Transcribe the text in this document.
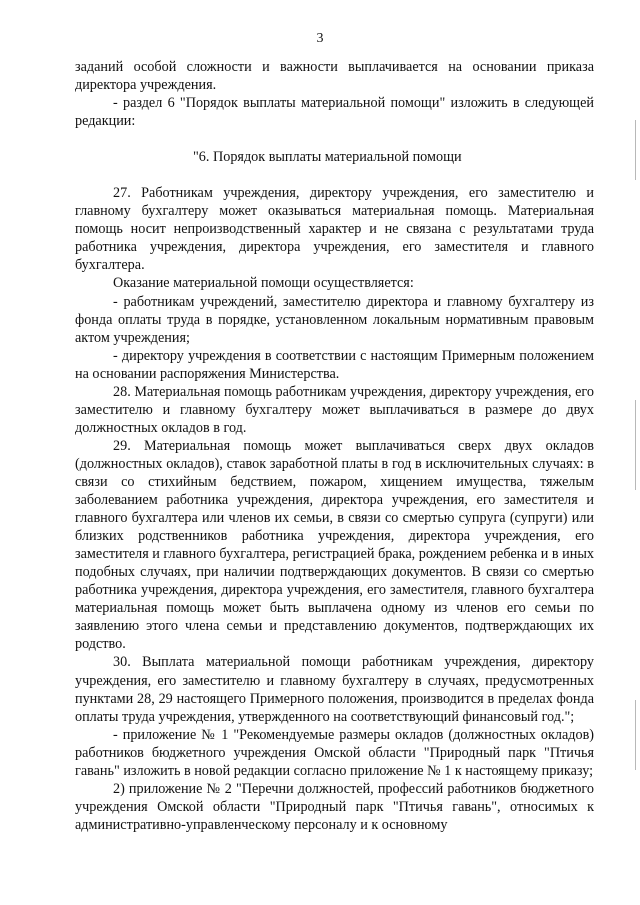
3

заданий особой сложности и важности выплачивается на основании приказа директора учреждения.

- раздел 6 "Порядок выплаты материальной помощи" изложить в следующей редакции:

"6. Порядок выплаты материальной помощи

27. Работникам учреждения, директору учреждения, его заместителю и главному бухгалтеру может оказываться материальная помощь. Материальная помощь носит непроизводственный характер и не связана с результатами труда работника учреждения, директора учреждения, его заместителя и главного бухгалтера.

Оказание материальной помощи осуществляется:

- работникам учреждений, заместителю директора и главному бухгалтеру из фонда оплаты труда в порядке, установленном локальным нормативным правовым актом учреждения;

- директору учреждения в соответствии с настоящим Примерным положением на основании распоряжения Министерства.

28. Материальная помощь работникам учреждения, директору учреждения, его заместителю и главному бухгалтеру может выплачиваться в размере до двух должностных окладов в год.

29. Материальная помощь может выплачиваться сверх двух окладов (должностных окладов), ставок заработной платы в год в исключительных случаях: в связи со стихийным бедствием, пожаром, хищением имущества, тяжелым заболеванием работника учреждения, директора учреждения, его заместителя и главного бухгалтера или членов их семьи, в связи со смертью супруга (супруги) или близких родственников работника учреждения, директора учреждения, его заместителя и главного бухгалтера, регистрацией брака, рождением ребенка и в иных подобных случаях, при наличии подтверждающих документов. В связи со смертью работника учреждения, директора учреждения, его заместителя, главного бухгалтера материальная помощь может быть выплачена одному из членов его семьи по заявлению этого члена семьи и представлению документов, подтверждающих их родство.

30. Выплата материальной помощи работникам учреждения, директору учреждения, его заместителю и главному бухгалтеру в случаях, предусмотренных пунктами 28, 29 настоящего Примерного положения, производится в пределах фонда оплаты труда учреждения, утвержденного на соответствующий финансовый год.";

- приложение № 1 "Рекомендуемые размеры окладов (должностных окладов) работников бюджетного учреждения Омской области "Природный парк "Птичья гавань" изложить в новой редакции согласно приложение № 1 к настоящему приказу;

2) приложение № 2 "Перечни должностей, профессий работников бюджетного учреждения Омской области "Природный парк "Птичья гавань", относимых к административно-управленческому персоналу и к основному
